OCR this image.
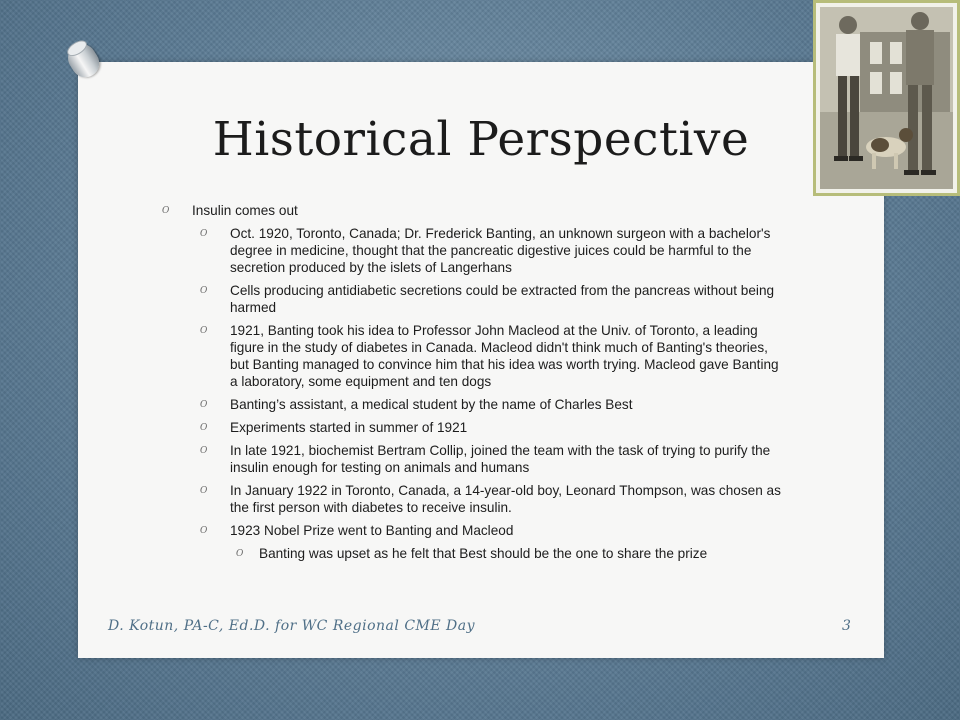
Historical Perspective
O Insulin comes out
O Oct. 1920, Toronto, Canada; Dr. Frederick Banting, an unknown surgeon with a bachelor's degree in medicine, thought that the pancreatic digestive juices could be harmful to the secretion produced by the islets of Langerhans
O Cells producing antidiabetic secretions could be extracted from the pancreas without being harmed
O 1921, Banting took his idea to Professor John Macleod at the Univ. of Toronto, a leading figure in the study of diabetes in Canada. Macleod didn't think much of Banting's theories, but Banting managed to convince him that his idea was worth trying. Macleod gave Banting a laboratory, some equipment and ten dogs
O Banting’s assistant, a medical student by the name of Charles Best
O Experiments started in summer of 1921
O In late 1921, biochemist Bertram Collip, joined the team with the task of trying to purify the insulin enough for testing on animals and humans
O In January 1922 in Toronto, Canada, a 14-year-old boy, Leonard Thompson, was chosen as the first person with diabetes to receive insulin.
O 1923 Nobel Prize went to Banting and Macleod
O Banting was upset as he felt that Best should be the one to share the prize
D. Kotun, PA-C, Ed.D. for WC Regional CME Day	3
